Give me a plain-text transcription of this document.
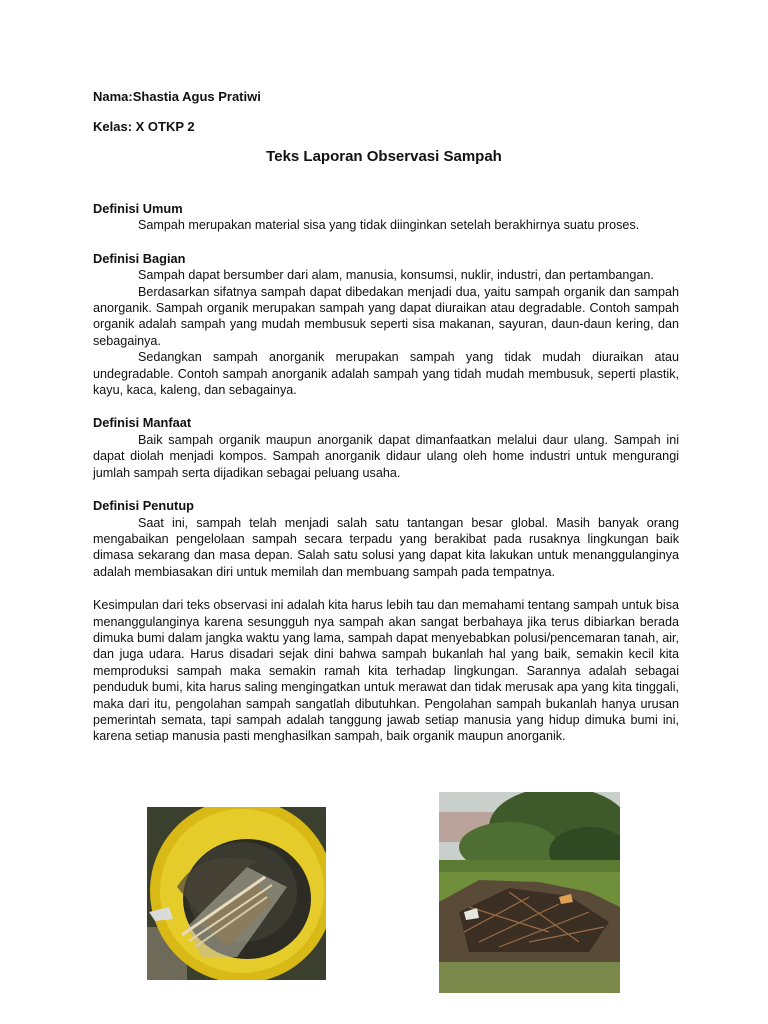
Nama:Shastia Agus Pratiwi
Kelas: X OTKP 2
Teks Laporan Observasi Sampah
Definisi Umum

Sampah merupakan material sisa yang tidak diinginkan setelah berakhirnya suatu proses.

Definisi Bagian

Sampah dapat bersumber dari alam, manusia, konsumsi, nuklir, industri, dan pertambangan.

Berdasarkan sifatnya sampah dapat dibedakan menjadi dua, yaitu sampah organik dan sampah anorganik. Sampah organik merupakan sampah yang dapat diuraikan atau degradable. Contoh sampah organik adalah sampah yang mudah membusuk seperti sisa makanan, sayuran, daun-daun kering, dan sebagainya.

Sedangkan sampah anorganik merupakan sampah yang tidak mudah diuraikan atau undegradable. Contoh sampah anorganik adalah sampah yang tidah mudah membusuk, seperti plastik, kayu, kaca, kaleng, dan sebagainya.

Definisi Manfaat

Baik sampah organik maupun anorganik dapat dimanfaatkan melalui daur ulang. Sampah ini dapat diolah menjadi kompos. Sampah anorganik didaur ulang oleh home industri untuk mengurangi jumlah sampah serta dijadikan sebagai peluang usaha.

Definisi Penutup

Saat ini, sampah telah menjadi salah satu tantangan besar global. Masih banyak orang mengabaikan pengelolaan sampah secara terpadu yang berakibat pada rusaknya lingkungan baik dimasa sekarang dan masa depan. Salah satu solusi yang dapat kita lakukan untuk menanggulanginya adalah membiasakan diri untuk memilah dan membuang sampah pada tempatnya.

Kesimpulan dari teks observasi ini adalah kita harus lebih tau dan memahami tentang sampah untuk bisa menanggulanginya karena sesungguh nya sampah akan sangat berbahaya jika terus dibiarkan berada dimuka bumi dalam jangka waktu yang lama, sampah dapat menyebabkan polusi/pencemaran tanah, air, dan juga udara. Harus disadari sejak dini bahwa sampah bukanlah hal yang baik, semakin kecil kita memproduksi sampah maka semakin ramah kita terhadap lingkungan. Sarannya adalah sebagai penduduk bumi, kita harus saling mengingatkan untuk merawat dan tidak merusak apa yang kita tinggali, maka dari itu, pengolahan sampah sangatlah dibutuhkan. Pengolahan sampah bukanlah hanya urusan pemerintah semata, tapi sampah adalah tanggung jawab setiap manusia yang hidup dimuka bumi ini, karena setiap manusia pasti menghasilkan sampah, baik organik maupun anorganik.
